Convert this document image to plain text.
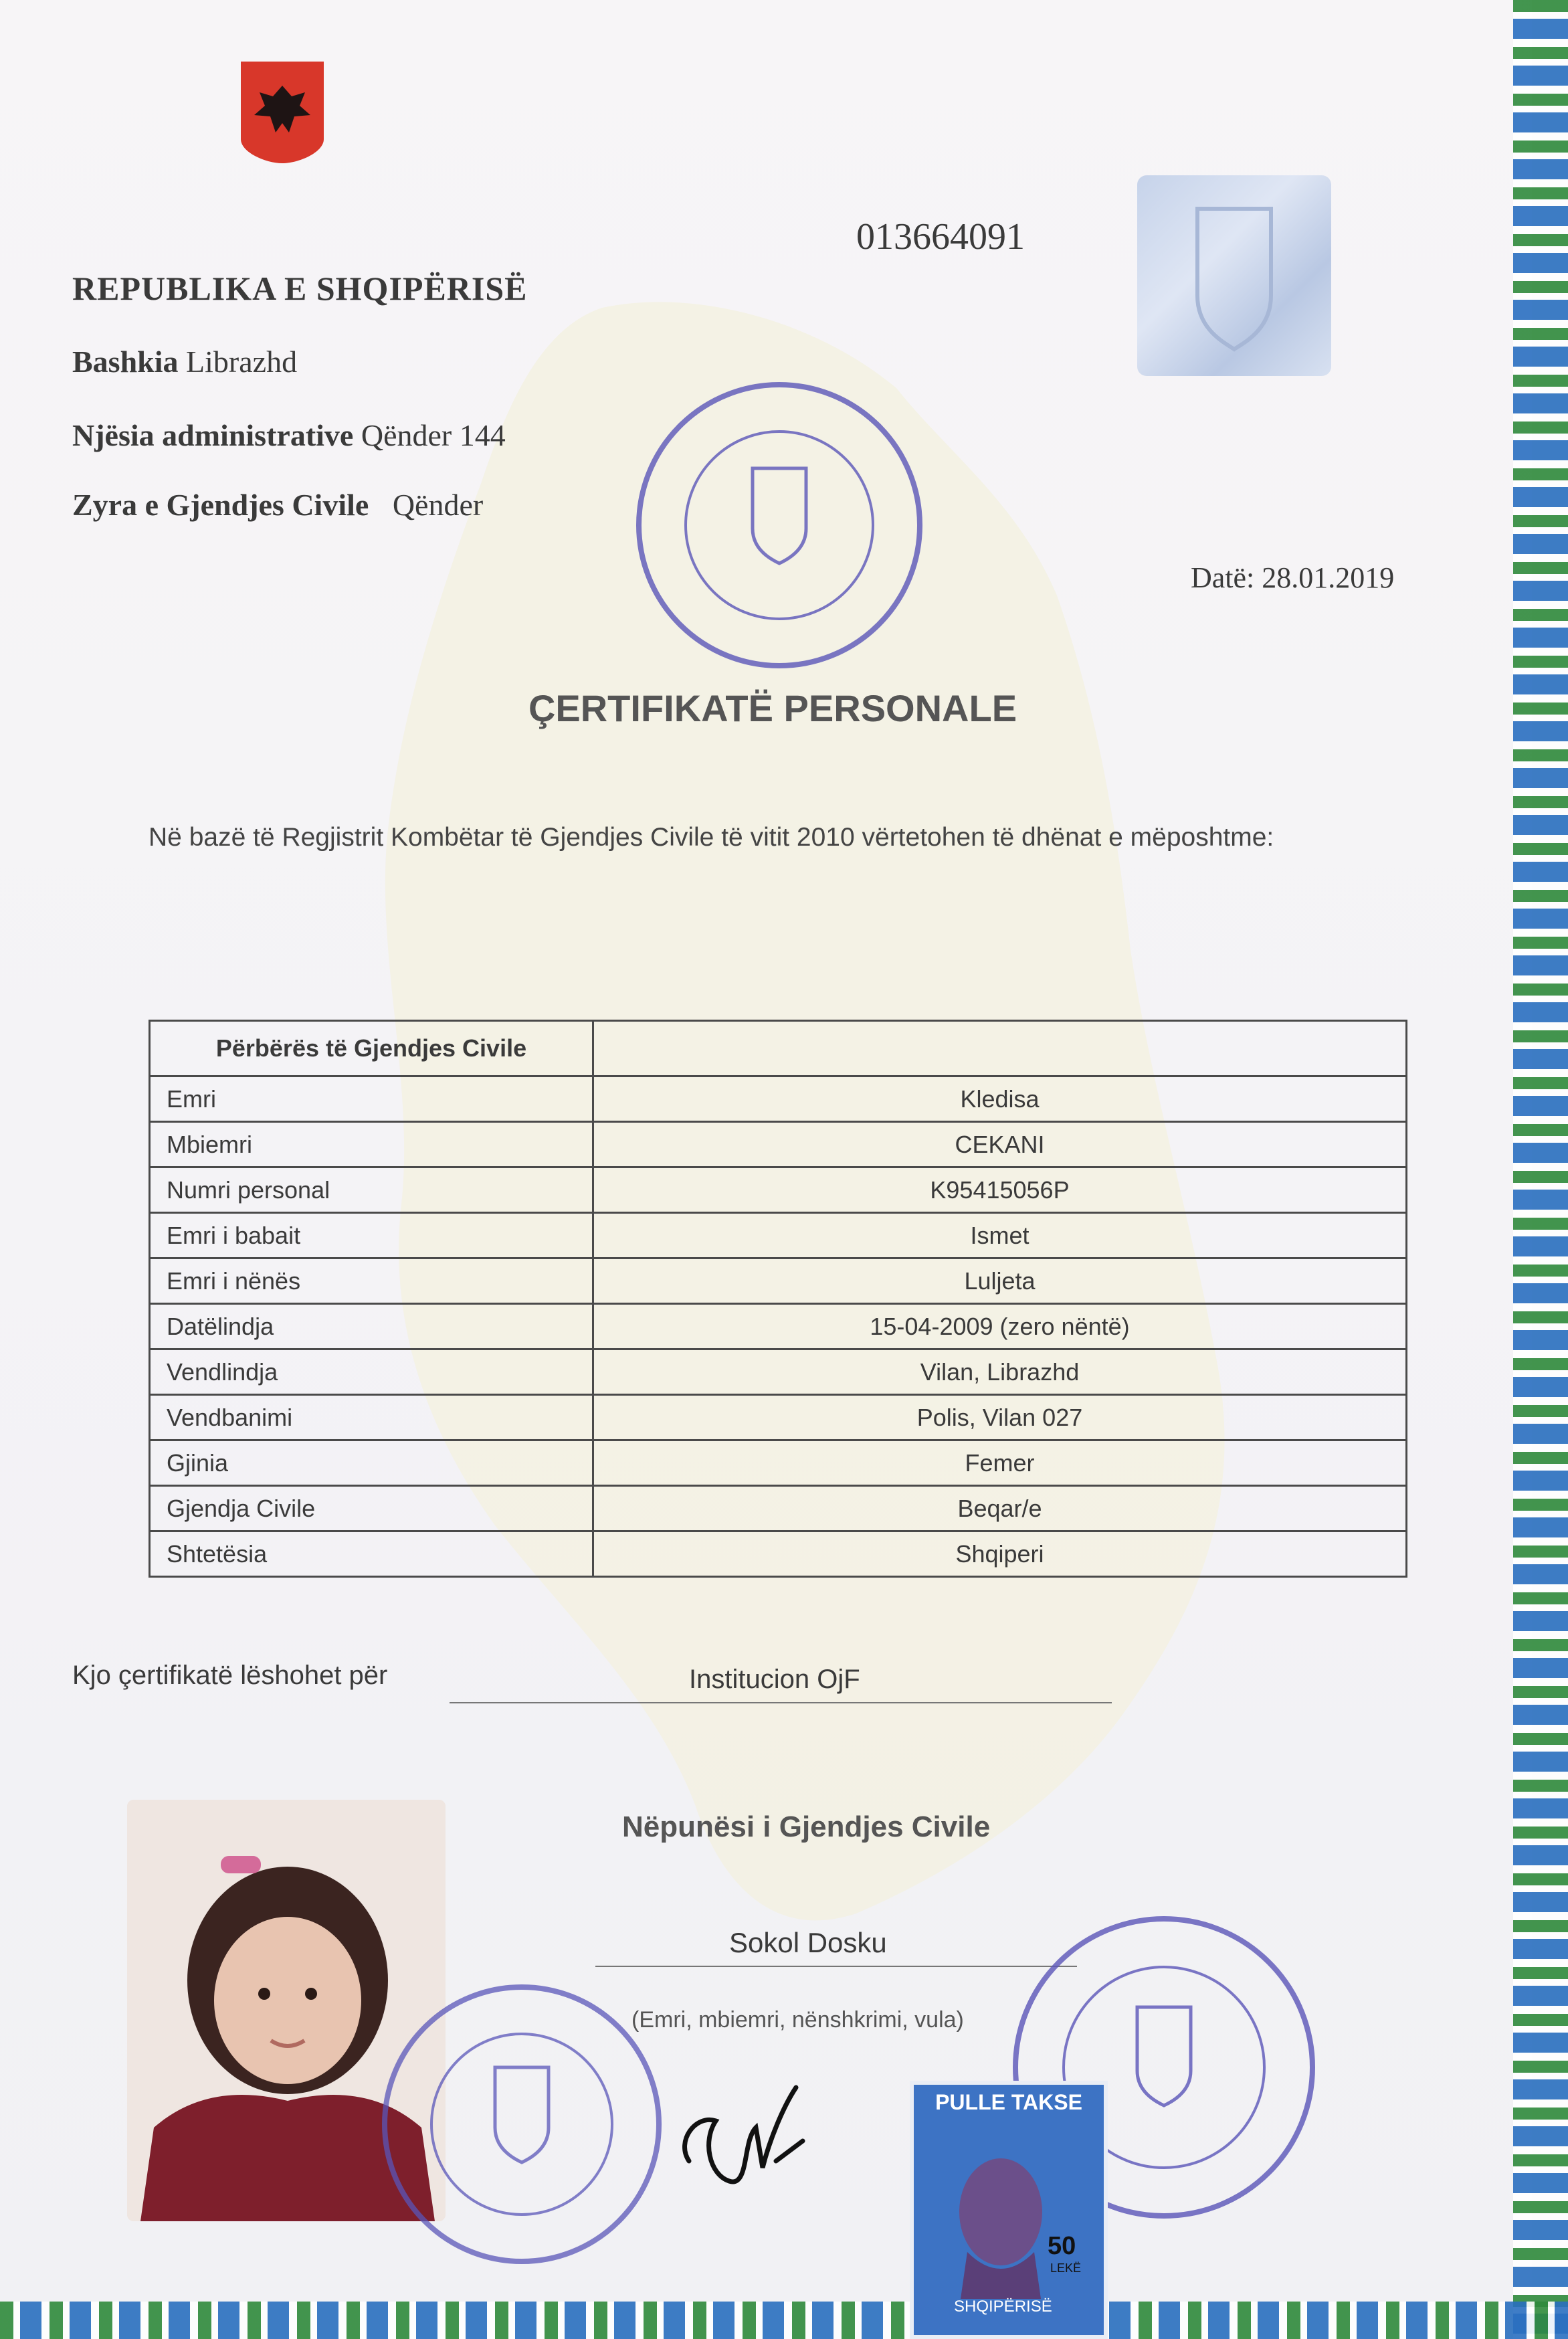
013664091
REPUBLIKA E SHQIPËRISË
Bashkia Librazhd
Njësia administrative Qënder 144
Zyra e Gjendjes Civile Qënder
Datë: 28.01.2019
ÇERTIFIKATË PERSONALE
Në bazë të Regjistrit Kombëtar të Gjendjes Civile të vitit 2010 vërtetohen të dhënat e mëposhtme:
Përbërës të Gjendjes Civile	
Emri	Kledisa
Mbiemri	CEKANI
Numri personal	K95415056P
Emri i babait	Ismet
Emri i nënës	Luljeta
Datëlindja	15-04-2009 (zero nëntë)
Vendlindja	Vilan, Librazhd
Vendbanimi	Polis, Vilan 027
Gjinia	Femer
Gjendja Civile	Beqar/e
Shtetësia	Shqiperi
Kjo çertifikatë lëshohet për	Institucion OjF
Nëpunësi i Gjendjes Civile
Sokol Dosku
(Emri, mbiemri, nënshkrimi, vula)
PULLE TAKSE
50
LEKË
SHQIPËRISË
